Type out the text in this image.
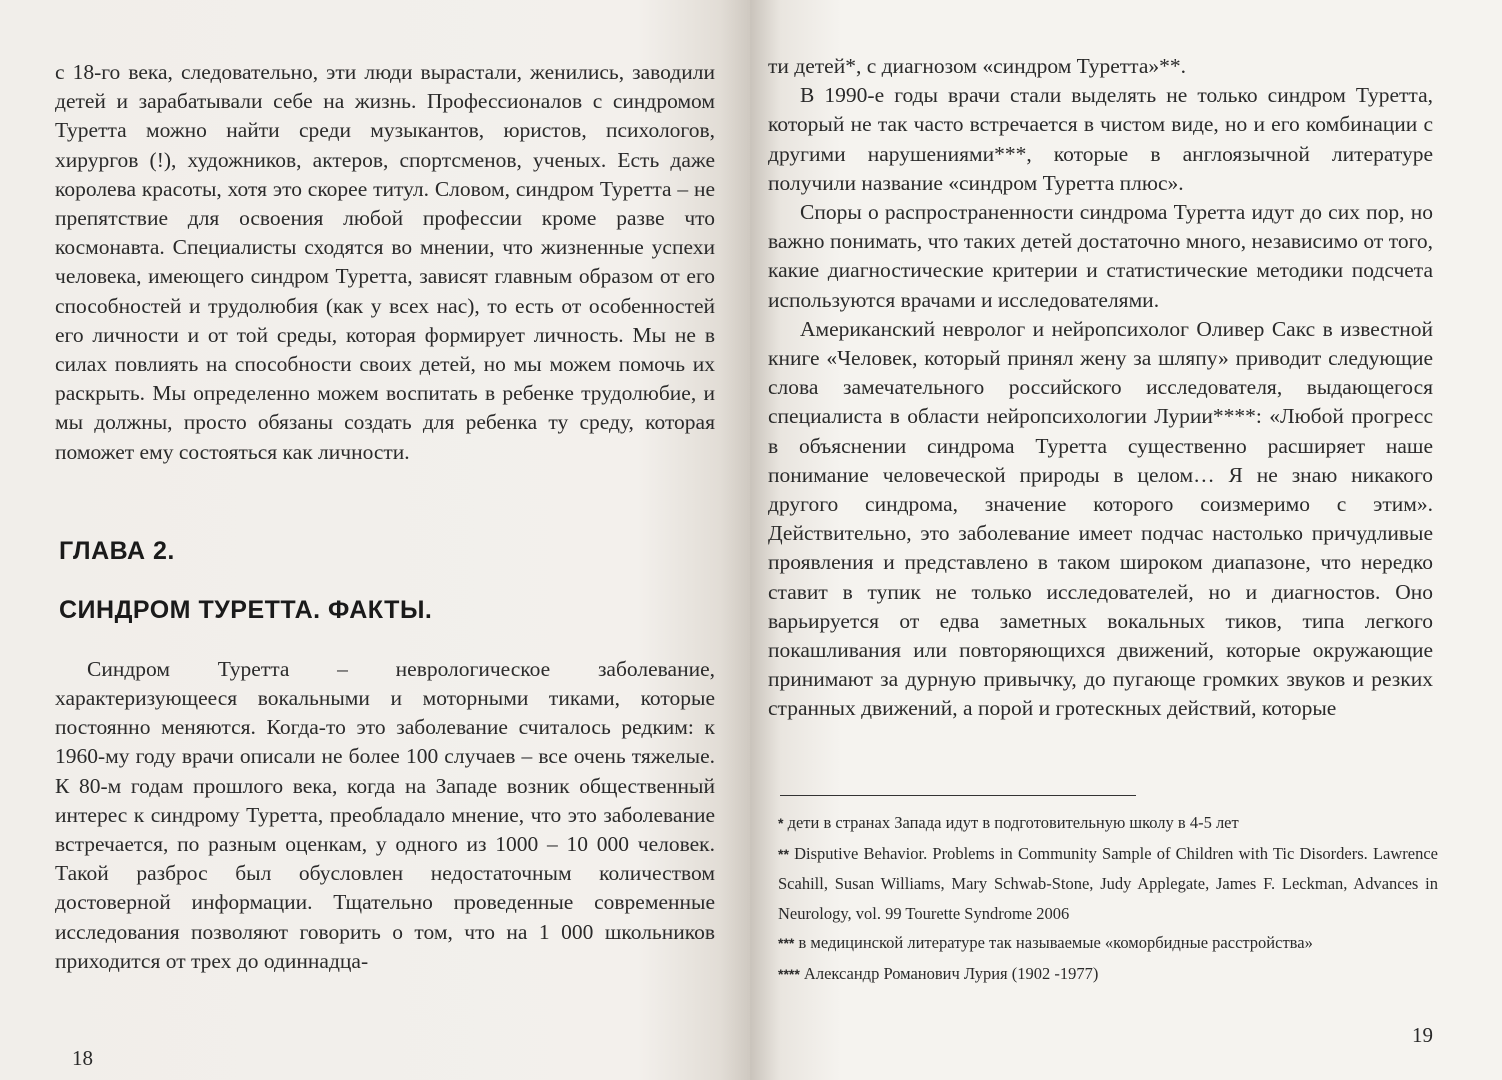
с 18-го века, следовательно, эти люди вырастали, женились, заводили детей и зарабатывали себе на жизнь. Профессионалов с синдромом Туретта можно найти среди музыкантов, юристов, психологов, хирургов (!), художников, актеров, спортсменов, ученых. Есть даже королева красоты, хотя это скорее титул. Словом, синдром Туретта – не препятствие для освоения любой профессии кроме разве что космонавта. Специалисты сходятся во мнении, что жизненные успехи человека, имеющего синдром Туретта, зависят главным образом от его способностей и трудолюбия (как у всех нас), то есть от особенностей его личности и от той среды, которая формирует личность. Мы не в силах повлиять на способности своих детей, но мы можем помочь их раскрыть. Мы определенно можем воспитать в ребенке трудолюбие, и мы должны, просто обязаны создать для ребенка ту среду, которая поможет ему состояться как личности.

ГЛАВА 2.
СИНДРОМ ТУРЕТТА. ФАКТЫ.

Синдром Туретта – неврологическое заболевание, характеризующееся вокальными и моторными тиками, которые постоянно меняются. Когда-то это заболевание считалось редким: к 1960-му году врачи описали не более 100 случаев – все очень тяжелые. К 80-м годам прошлого века, когда на Западе возник общественный интерес к синдрому Туретта, преобладало мнение, что это заболевание встречается, по разным оценкам, у одного из 1000 – 10 000 человек. Такой разброс был обусловлен недостаточным количеством достоверной информации. Тщательно проведенные современные исследования позволяют говорить о том, что на 1 000 школьников приходится от трех до одиннадца-

18

ти детей*, с диагнозом «синдром Туретта»**.

В 1990-е годы врачи стали выделять не только синдром Туретта, который не так часто встречается в чистом виде, но и его комбинации с другими нарушениями***, которые в англоязычной литературе получили название «синдром Туретта плюс».

Споры о распространенности синдрома Туретта идут до сих пор, но важно понимать, что таких детей достаточно много, независимо от того, какие диагностические критерии и статистические методики подсчета используются врачами и исследователями.

Американский невролог и нейропсихолог Оливер Сакс в известной книге «Человек, который принял жену за шляпу» приводит следующие слова замечательного российского исследователя, выдающегося специалиста в области нейропсихологии Лурии****: «Любой прогресс в объяснении синдрома Туретта существенно расширяет наше понимание человеческой природы в целом… Я не знаю никакого другого синдрома, значение которого соизмеримо с этим». Действительно, это заболевание имеет подчас настолько причудливые проявления и представлено в таком широком диапазоне, что нередко ставит в тупик не только исследователей, но и диагностов. Оно варьируется от едва заметных вокальных тиков, типа легкого покашливания или повторяющихся движений, которые окружающие принимают за дурную привычку, до пугающе громких звуков и резких странных движений, а порой и гротескных действий, которые

* дети в странах Запада идут в подготовительную школу в 4-5 лет

** Disputive Behavior. Problems in Community Sample of Children with Tic Disorders. Lawrence Scahill, Susan Williams, Mary Schwab-Stone, Judy Applegate, James F. Leckman, Advances in Neurology, vol. 99 Tourette Syndrome 2006

*** в медицинской литературе так называемые «коморбидные расстройства»

**** Александр Романович Лурия (1902 -1977)

19
